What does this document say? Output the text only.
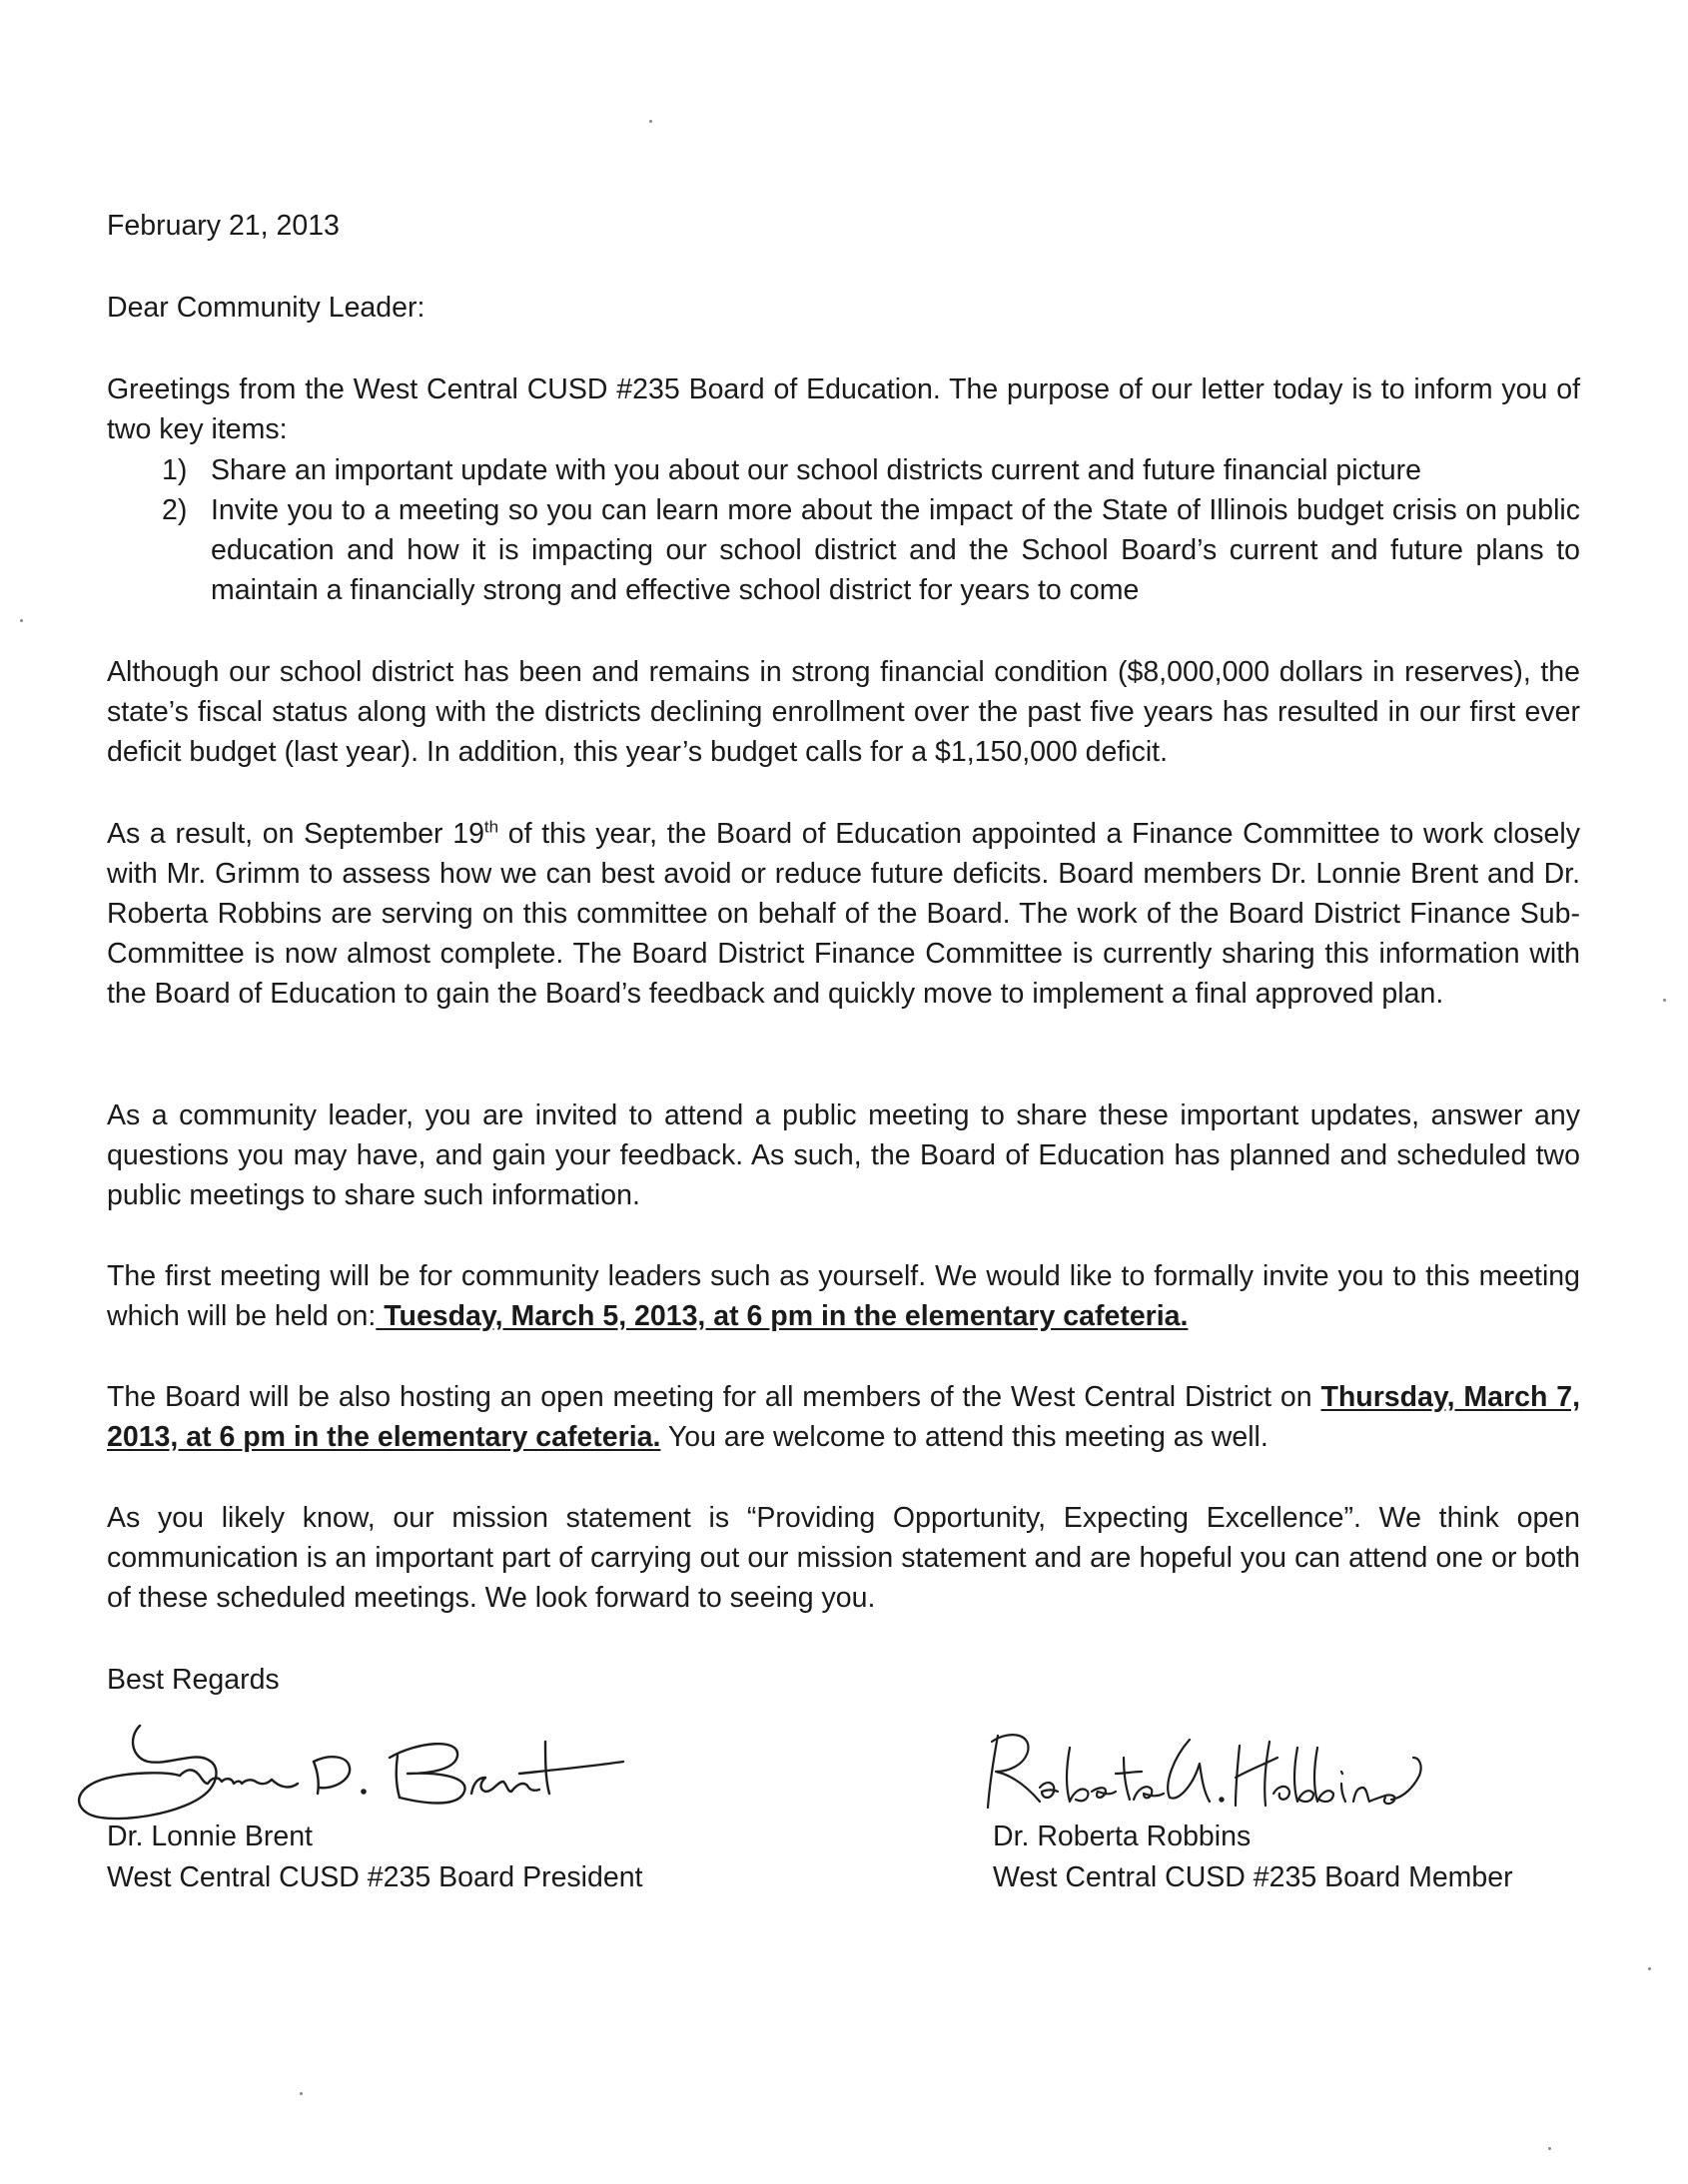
February 21, 2013

Dear Community Leader:

Greetings from the West Central CUSD #235 Board of Education. The purpose of our letter today is to inform you of two key items:

1) Share an important update with you about our school districts current and future financial picture
2) Invite you to a meeting so you can learn more about the impact of the State of Illinois budget crisis on public education and how it is impacting our school district and the School Board’s current and future plans to maintain a financially strong and effective school district for years to come

Although our school district has been and remains in strong financial condition ($8,000,000 dollars in reserves), the state’s fiscal status along with the districts declining enrollment over the past five years has resulted in our first ever deficit budget (last year). In addition, this year’s budget calls for a $1,150,000 deficit.

As a result, on September 19th of this year, the Board of Education appointed a Finance Committee to work closely with Mr. Grimm to assess how we can best avoid or reduce future deficits. Board members Dr. Lonnie Brent and Dr. Roberta Robbins are serving on this committee on behalf of the Board. The work of the Board District Finance Sub-Committee is now almost complete. The Board District Finance Committee is currently sharing this information with the Board of Education to gain the Board’s feedback and quickly move to implement a final approved plan.

As a community leader, you are invited to attend a public meeting to share these important updates, answer any questions you may have, and gain your feedback. As such, the Board of Education has planned and scheduled two public meetings to share such information.

The first meeting will be for community leaders such as yourself. We would like to formally invite you to this meeting which will be held on: Tuesday, March 5, 2013, at 6 pm in the elementary cafeteria.

The Board will be also hosting an open meeting for all members of the West Central District on Thursday, March 7, 2013, at 6 pm in the elementary cafeteria. You are welcome to attend this meeting as well.

As you likely know, our mission statement is “Providing Opportunity, Expecting Excellence”. We think open communication is an important part of carrying out our mission statement and are hopeful you can attend one or both of these scheduled meetings. We look forward to seeing you.

Best Regards

Dr. Lonnie Brent
West Central CUSD #235 Board President
Dr. Roberta Robbins
West Central CUSD #235 Board Member
